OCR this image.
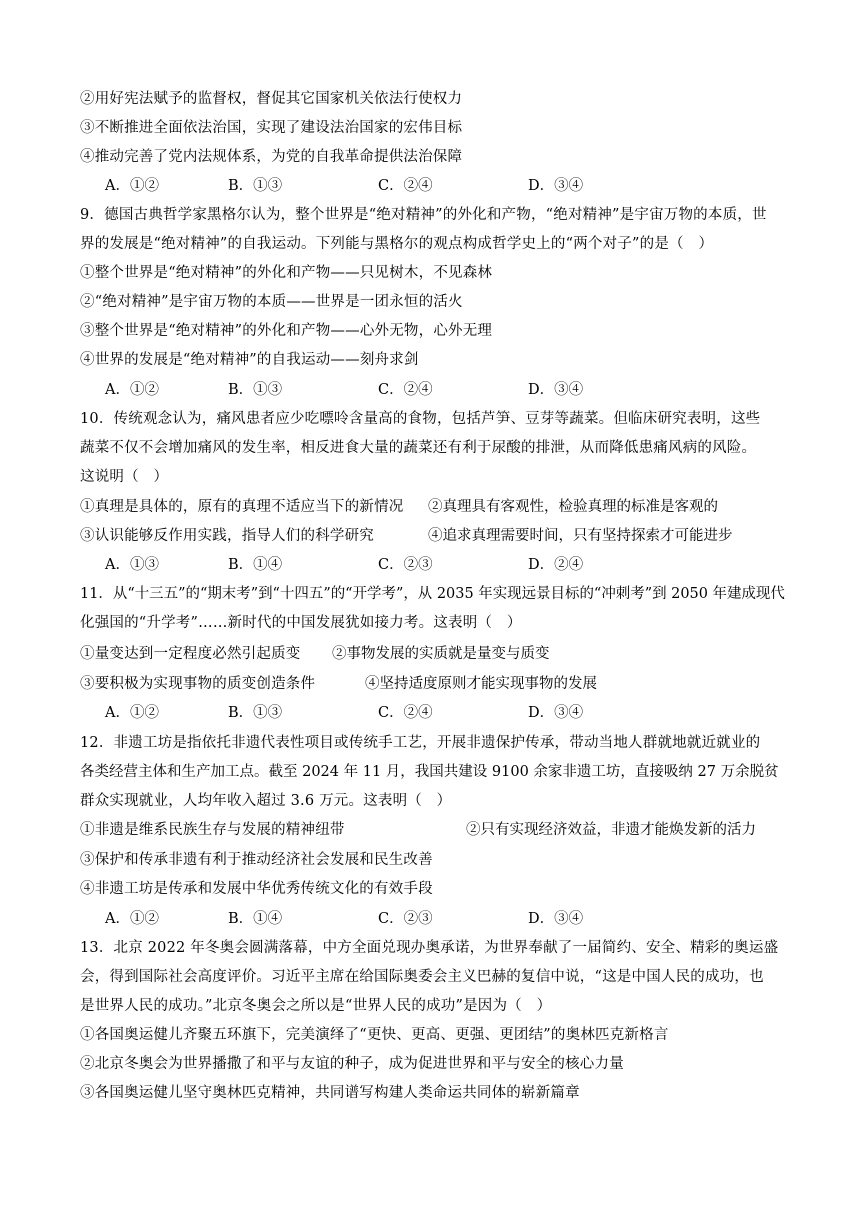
②用好宪法赋予的监督权，督促其它国家机关依法行使权力
③不断推进全面依法治国，实现了建设法治国家的宏伟目标
④推动完善了党内法规体系，为党的自我革命提供法治保障
A．①②	B．①③	C．②④	D．③④
9．德国古典哲学家黑格尔认为，整个世界是“绝对精神”的外化和产物，“绝对精神”是宇宙万物的本质，世
界的发展是“绝对精神”的自我运动。下列能与黑格尔的观点构成哲学史上的“两个对子”的是（　）
①整个世界是“绝对精神”的外化和产物——只见树木，不见森林
②“绝对精神”是宇宙万物的本质——世界是一团永恒的活火
③整个世界是“绝对精神”的外化和产物——心外无物，心外无理
④世界的发展是“绝对精神”的自我运动——刻舟求剑
A．①②	B．①③	C．②④	D．③④
10．传统观念认为，痛风患者应少吃嘌呤含量高的食物，包括芦笋、豆芽等蔬菜。但临床研究表明，这些
蔬菜不仅不会增加痛风的发生率，相反进食大量的蔬菜还有利于尿酸的排泄，从而降低患痛风病的风险。
这说明（　）
①真理是具体的，原有的真理不适应当下的新情况 ②真理具有客观性，检验真理的标准是客观的
③认识能够反作用实践，指导人们的科学研究	④追求真理需要时间，只有坚持探索才可能进步
A．①③	B．①④	C．②③	D．②④
11．从“十三五”的“期末考”到“十四五”的“开学考”，从 2035 年实现远景目标的“冲刺考”到 2050 年建成现代
化强国的“升学考”……新时代的中国发展犹如接力考。这表明（　）
①量变达到一定程度必然引起质变 ②事物发展的实质就是量变与质变
③要积极为实现事物的质变创造条件	④坚持适度原则才能实现事物的发展
A．①②	B．①③	C．②④	D．③④
12．非遗工坊是指依托非遗代表性项目或传统手工艺，开展非遗保护传承，带动当地人群就地就近就业的
各类经营主体和生产加工点。截至 2024 年 11 月，我国共建设 9100 余家非遗工坊，直接吸纳 27 万余脱贫
群众实现就业，人均年收入超过 3.6 万元。这表明（　）
①非遗是维系民族生存与发展的精神纽带	②只有实现经济效益，非遗才能焕发新的活力
③保护和传承非遗有利于推动经济社会发展和民生改善
④非遗工坊是传承和发展中华优秀传统文化的有效手段
A．①②	B．①④	C．②③	D．③④
13．北京 2022 年冬奥会圆满落幕，中方全面兑现办奥承诺，为世界奉献了一届简约、安全、精彩的奥运盛
会，得到国际社会高度评价。习近平主席在给国际奥委会主义巴赫的复信中说，“这是中国人民的成功，也
是世界人民的成功。”北京冬奥会之所以是“世界人民的成功”是因为（　）
①各国奥运健儿齐聚五环旗下，完美演绎了“更快、更高、更强、更团结”的奥林匹克新格言
②北京冬奥会为世界播撒了和平与友谊的种子，成为促进世界和平与安全的核心力量
③各国奥运健儿坚守奥林匹克精神，共同谱写构建人类命运共同体的崭新篇章
